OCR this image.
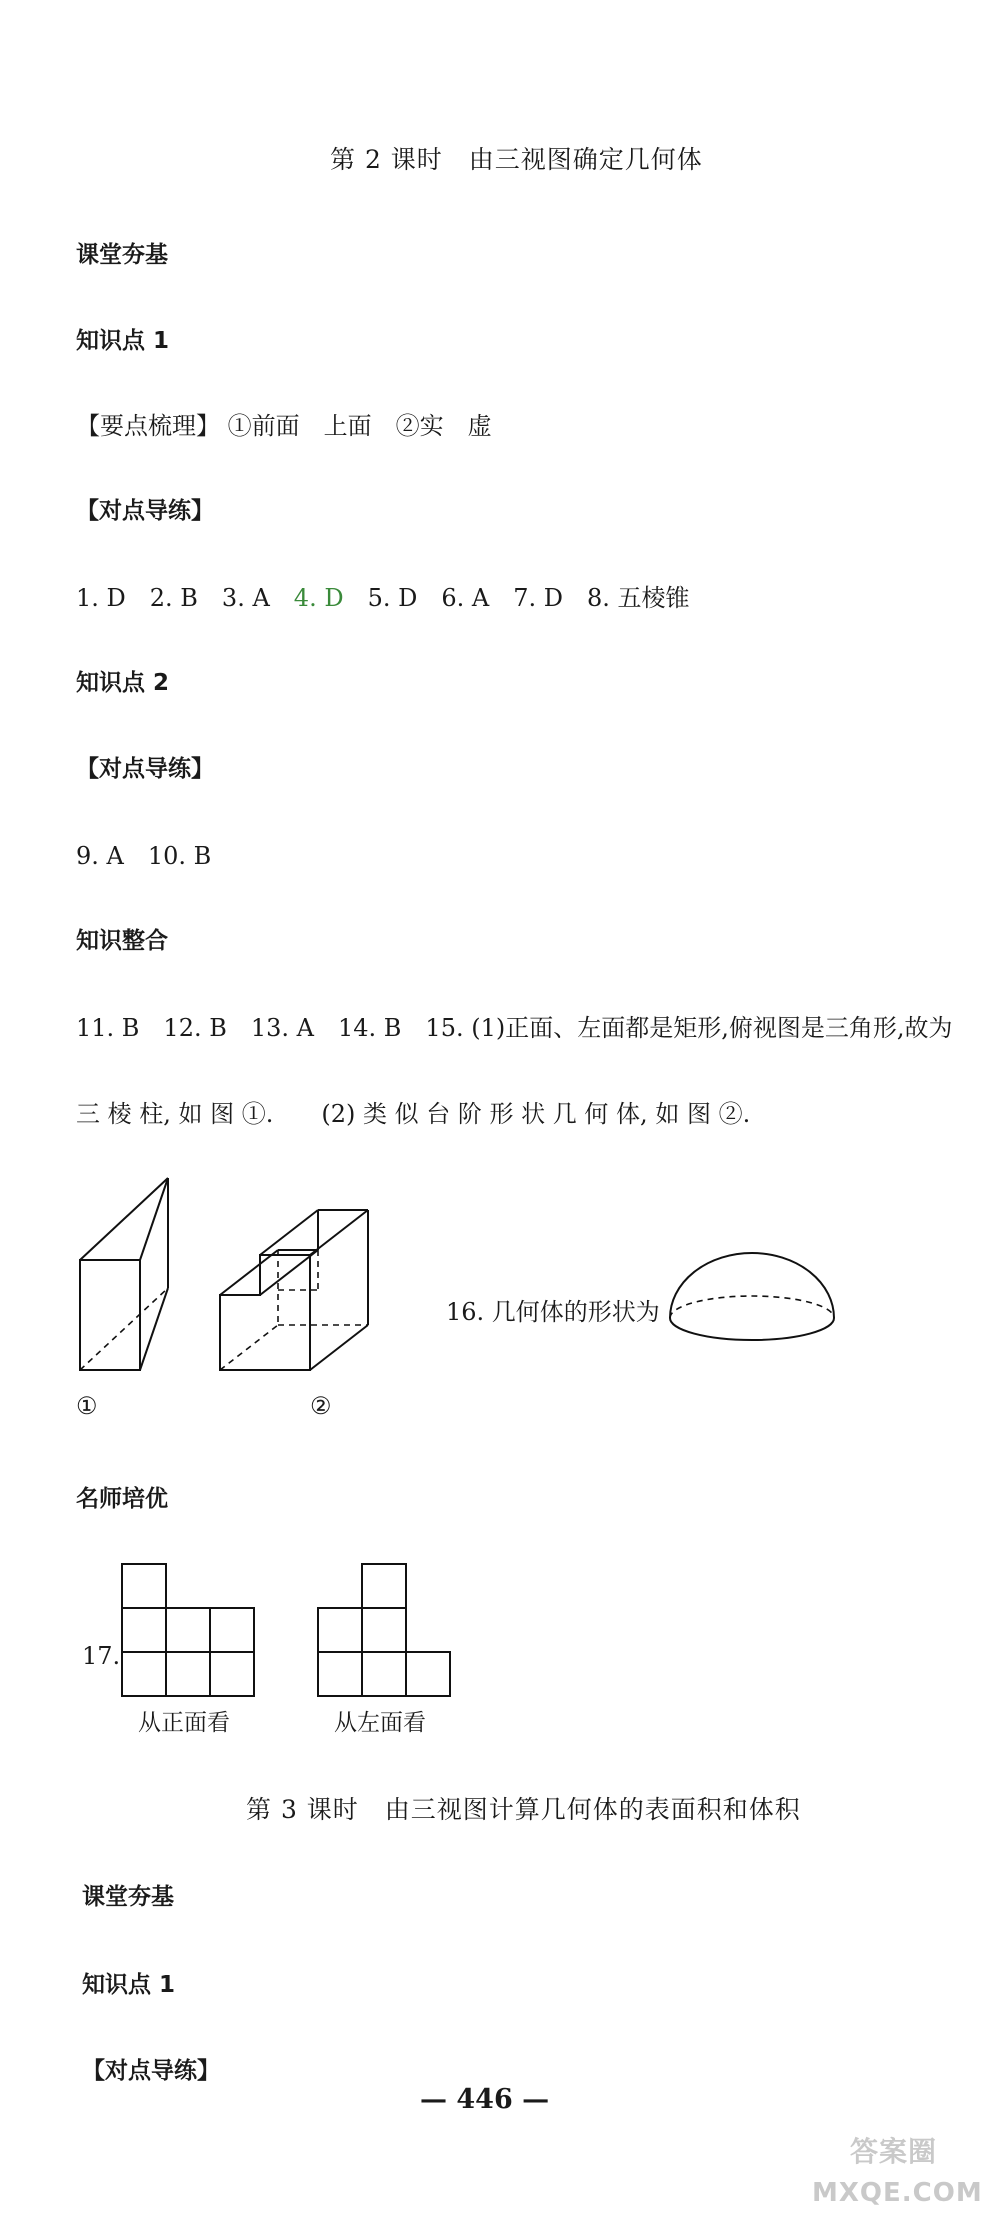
第 2 课时　由三视图确定几何体
课堂夯基
知识点 1
【要点梳理】 ①前面　上面　②实　虚
【对点导练】
1. D　2. B　3. A　4. D　5. D　6. A　7. D　8. 五棱锥
知识点 2
【对点导练】
9. A　10. B
知识整合
11. B　12. B　13. A　14. B　15. (1)正面、左面都是矩形,俯视图是三角形,故为
三 棱 柱, 如 图 ①.　　(2) 类 似 台 阶 形 状 几 何 体, 如 图 ②.
①	②
16. 几何体的形状为
名师培优
17.
从正面看	从左面看
第 3 课时　由三视图计算几何体的表面积和体积
课堂夯基
知识点 1
【对点导练】
— 446 —
答案圈
MXQE.COM
